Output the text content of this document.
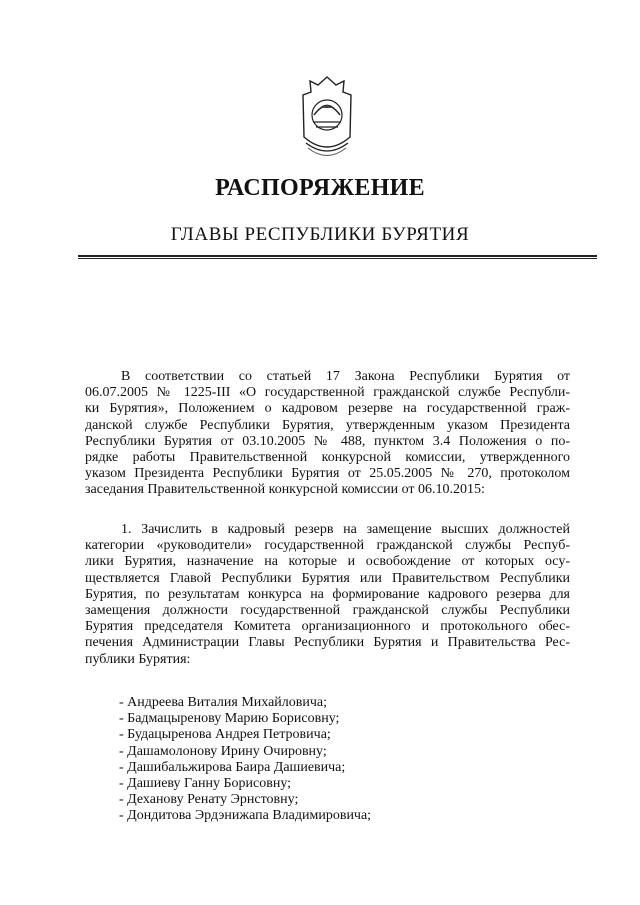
РАСПОРЯЖЕНИЕ
ГЛАВЫ РЕСПУБЛИКИ БУРЯТИЯ
В соответствии со статьей 17 Закона Республики Бурятия от
06.07.2005 № 1225-III «О государственной гражданской службе Республи-
ки Бурятия», Положением о кадровом резерве на государственной граж-
данской службе Республики Бурятия, утвержденным указом Президента
Республики Бурятия от 03.10.2005 № 488, пунктом 3.4 Положения о по-
рядке работы Правительственной конкурсной комиссии, утвержденного
указом Президента Республики Бурятия от 25.05.2005 № 270, протоколом
заседания Правительственной конкурсной комиссии от 06.10.2015:
1. Зачислить в кадровый резерв на замещение высших должностей
категории «руководители» государственной гражданской службы Респуб-
лики Бурятия, назначение на которые и освобождение от которых осу-
ществляется Главой Республики Бурятия или Правительством Республики
Бурятия, по результатам конкурса на формирование кадрового резерва для
замещения должности государственной гражданской службы Республики
Бурятия председателя Комитета организационного и протокольного обес-
печения Администрации Главы Республики Бурятия и Правительства Рес-
публики Бурятия:
- Андреева Виталия Михайловича;
- Бадмацыренову Марию Борисовну;
- Будацыренова Андрея Петровича;
- Дашамолонову Ирину Очировну;
- Дашибальжирова Баира Дашиевича;
- Дашиеву Ганну Борисовну;
- Деханову Ренату Эрнстовну;
- Дондитова Эрдэнижапа Владимировича;
